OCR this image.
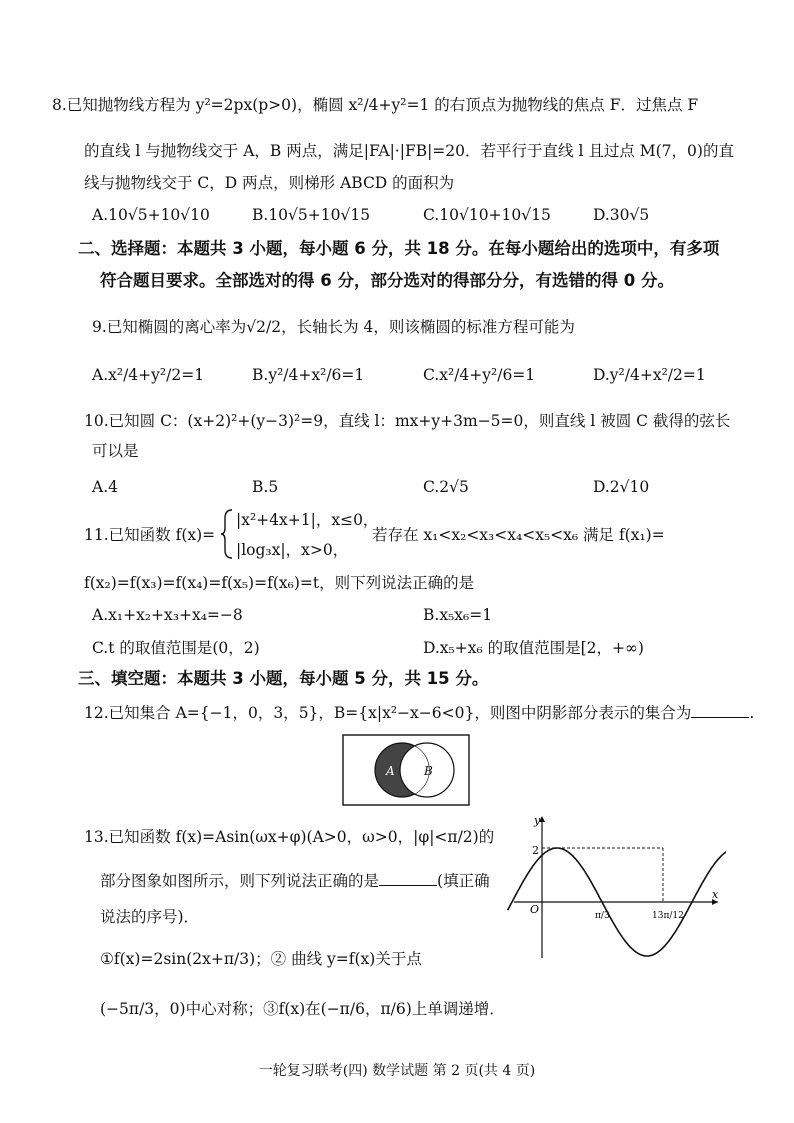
8.已知抛物线方程为 y²=2px(p>0)，椭圆 x²/4+y²=1 的右顶点为抛物线的焦点 F．过焦点 F
的直线 l 与抛物线交于 A，B 两点，满足|FA|·|FB|=20．若平行于直线 l 且过点 M(7，0)的直
线与抛物线交于 C，D 两点，则梯形 ABCD 的面积为
A.10√5+10√10	B.10√5+10√15	C.10√10+10√15	D.30√5
二、选择题：本题共 3 小题，每小题 6 分，共 18 分。在每小题给出的选项中，有多项
符合题目要求。全部选对的得 6 分，部分选对的得部分分，有选错的得 0 分。
9.已知椭圆的离心率为√2/2，长轴长为 4，则该椭圆的标准方程可能为
A.x²/4+y²/2=1	B.y²/4+x²/6=1	C.x²/4+y²/6=1	D.y²/4+x²/2=1
10.已知圆 C：(x+2)²+(y−3)²=9，直线 l：mx+y+3m−5=0，则直线 l 被圆 C 截得的弦长
可以是
A.4	B.5	C.2√5	D.2√10
11.已知函数 f(x)=
|x²+4x+1|，x≤0，
|log₃x|，x>0，
若存在 x₁<x₂<x₃<x₄<x₅<x₆ 满足 f(x₁)=
f(x₂)=f(x₃)=f(x₄)=f(x₅)=f(x₆)=t，则下列说法正确的是
A.x₁+x₂+x₃+x₄=−8	B.x₅x₆=1
C.t 的取值范围是(0，2)	D.x₅+x₆ 的取值范围是[2，+∞)
三、填空题：本题共 3 小题，每小题 5 分，共 15 分。
12.已知集合 A={−1，0，3，5}，B={x|x²−x−6<0}，则图中阴影部分表示的集合为	.
A B
13.已知函数 f(x)=Asin(ωx+φ)(A>0，ω>0，|φ|<π/2)的
部分图象如图所示，则下列说法正确的是	(填正确
说法的序号)．
①f(x)=2sin(2x+π/3)；② 曲线 y=f(x)关于点
(−5π/3，0)中心对称；③f(x)在(−π/6，π/6)上单调递增．
y
x
O
2
π/3	13π/12
一轮复习联考(四) 数学试题 第 2 页(共 4 页)
